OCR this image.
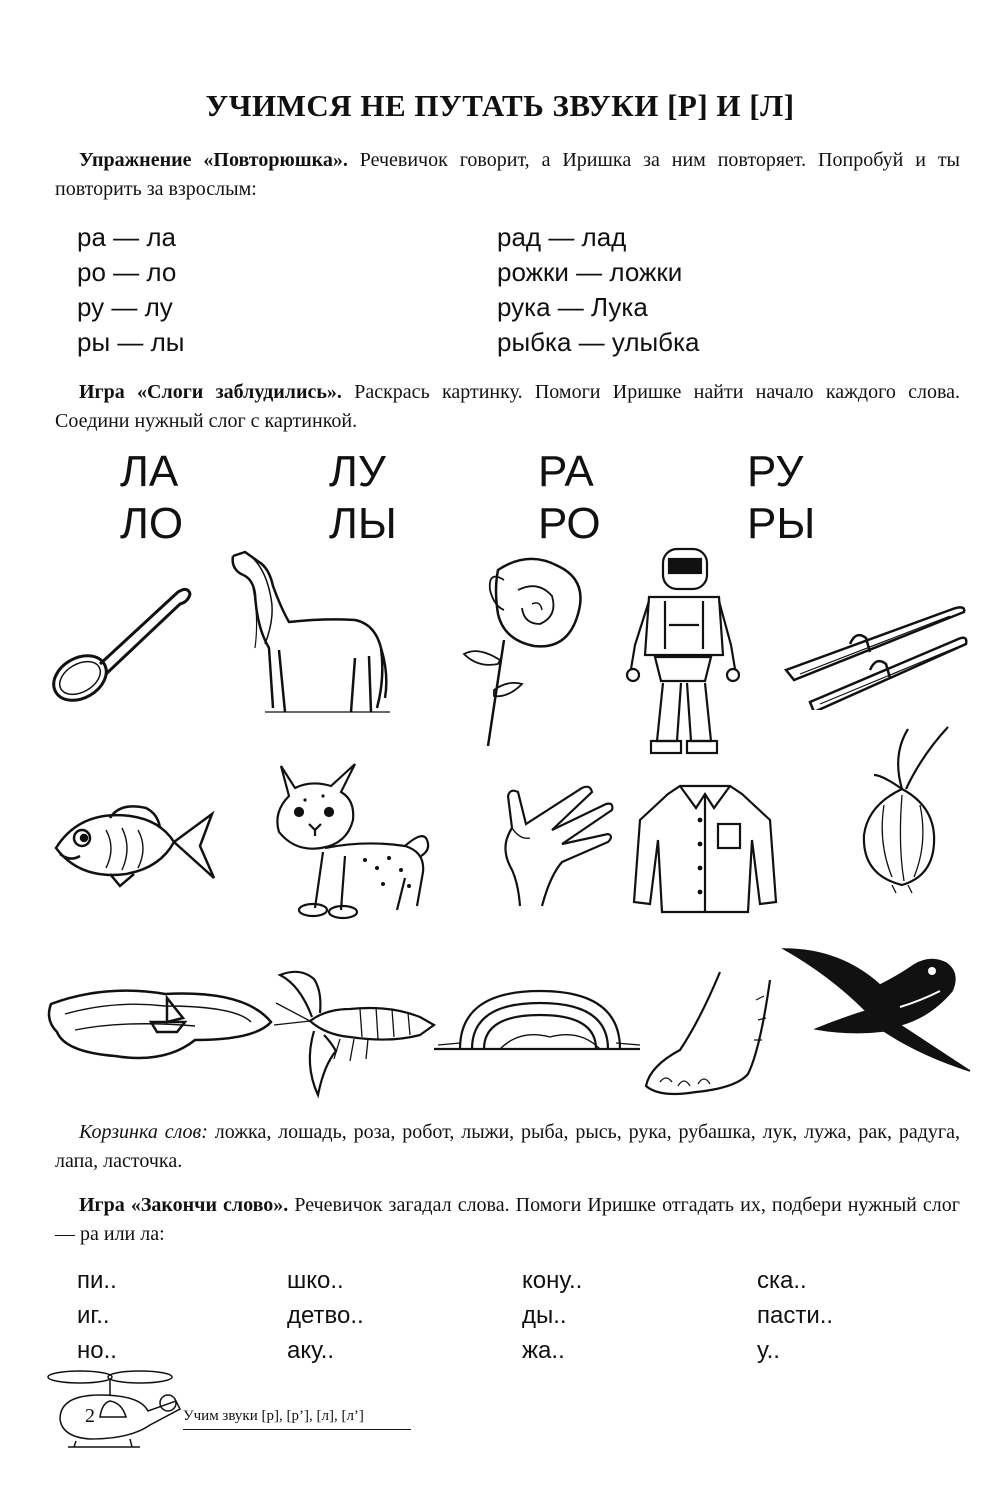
УЧИМСЯ НЕ ПУТАТЬ ЗВУКИ [Р] И [Л]
Упражнение «Повторюшка». Речевичок говорит, а Иришка за ним повторяет. Попробуй и ты повторить за взрослым:
ра — ла
ро — ло
ру — лу
ры — лы
рад — лад
рожки — ложки
рука — Лука
рыбка — улыбка
Игра «Слоги заблудились». Раскрась картинку. Помоги Иришке найти начало каждого слова. Соедини нужный слог с картинкой.
ЛА
ЛО
ЛУ
ЛЫ
РА
РО
РУ
РЫ
Корзинка слов: ложка, лошадь, роза, робот, лыжи, рыба, рысь, рука, рубашка, лук, лужа, рак, радуга, лапа, ласточка.
Игра «Закончи слово». Речевичок загадал слова. Помоги Иришке отгадать их, подбери нужный слог — ра или ла:
пи..
иг..
но..
шко..
детво..
аку..
кону..
ды..
жа..
ска..
пасти..
у..
2	Учим звуки [р], [р’], [л], [л’]
